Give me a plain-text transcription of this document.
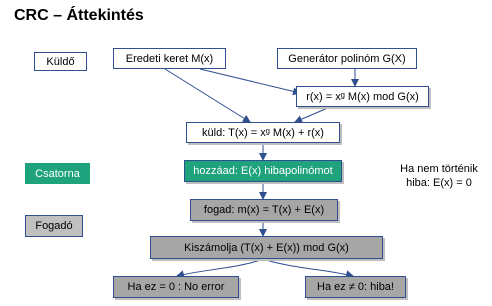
CRC – Áttekintés
Küldő
Csatorna
Fogadó
Eredeti keret M(x)	Generátor polinóm G(X)
r(x) = xᵍ M(x) mod G(x)
küld: T(x) = xᵍ M(x) + r(x)
hozzáad: E(x) hibapolinómot
fogad: m(x) = T(x) + E(x)
Kiszámolja (T(x) + E(x)) mod G(x)
Ha ez = 0 : No error	Ha ez ≠ 0: hiba!
Ha nem történik
hiba: E(x) = 0
